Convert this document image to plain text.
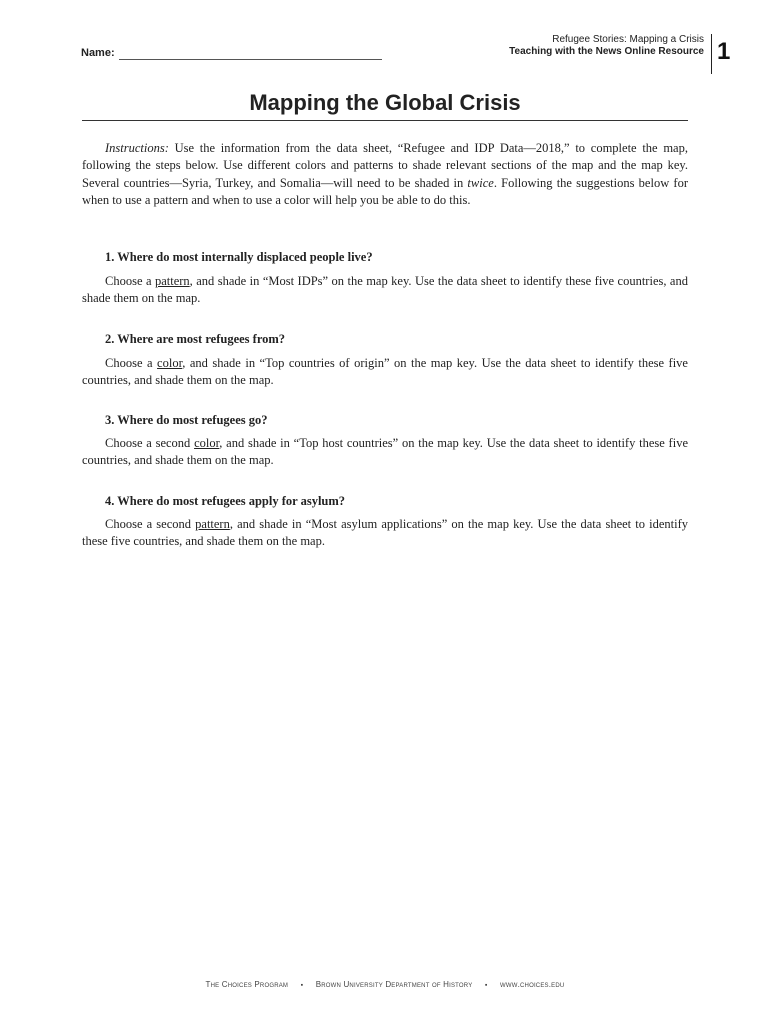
Name:
Refugee Stories: Mapping a Crisis
Teaching with the News Online Resource 1
Mapping the Global Crisis
Instructions: Use the information from the data sheet, “Refugee and IDP Data—2018,” to complete the map, following the steps below. Use different colors and patterns to shade relevant sections of the map and the map key. Several countries—Syria, Turkey, and Somalia—will need to be shaded in twice. Following the suggestions below for when to use a pattern and when to use a color will help you be able to do this.
1. Where do most internally displaced people live?
Choose a pattern, and shade in “Most IDPs” on the map key. Use the data sheet to identify these five countries, and shade them on the map.
2. Where are most refugees from?
Choose a color, and shade in “Top countries of origin” on the map key. Use the data sheet to identify these five countries, and shade them on the map.
3. Where do most refugees go?
Choose a second color, and shade in “Top host countries” on the map key. Use the data sheet to identify these five countries, and shade them on the map.
4. Where do most refugees apply for asylum?
Choose a second pattern, and shade in “Most asylum applications” on the map key. Use the data sheet to identify these five countries, and shade them on the map.
The Choices Program ▪ Brown University Department of History ▪ www.choices.edu
